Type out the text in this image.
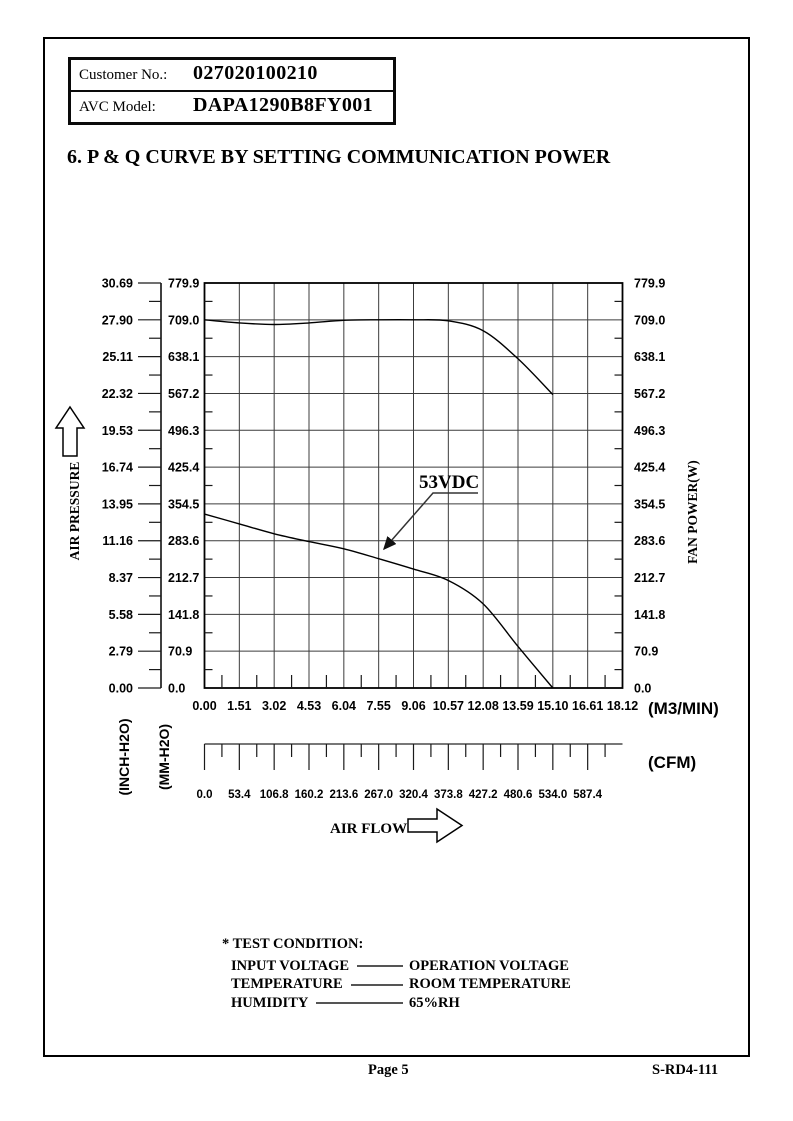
Customer No.:	027020100210
AVC Model:	DAPA1290B8FY001
6. P & Q CURVE BY SETTING COMMUNICATION POWER
30.69	779.9	779.9
27.90	709.0	709.0
25.11	638.1	638.1
22.32	567.2	567.2
19.53	496.3	496.3
16.74	425.4	425.4
13.95	354.5	354.5
11.16	283.6	283.6
8.37	212.7	212.7
5.58	141.8	141.8
2.79	70.9	70.9
0.00	0.0	0.0
0.00 1.51 3.02 4.53 6.04 7.55 9.06 10.57 12.08 13.59 15.10 16.61 18.12
0.0 53.4 106.8 160.2 213.6 267.0 320.4 373.8 427.2 480.6 534.0 587.4
AIR PRESSURE
(INCH-H2O) (MM-H2O)
FAN POWER(W)
(M3/MIN)
(CFM)
AIR FLOW
53VDC
* TEST CONDITION:
INPUT VOLTAGE	OPERATION VOLTAGE
TEMPERATURE	ROOM TEMPERATURE
HUMIDITY	65%RH
Page 5	S-RD4-111
